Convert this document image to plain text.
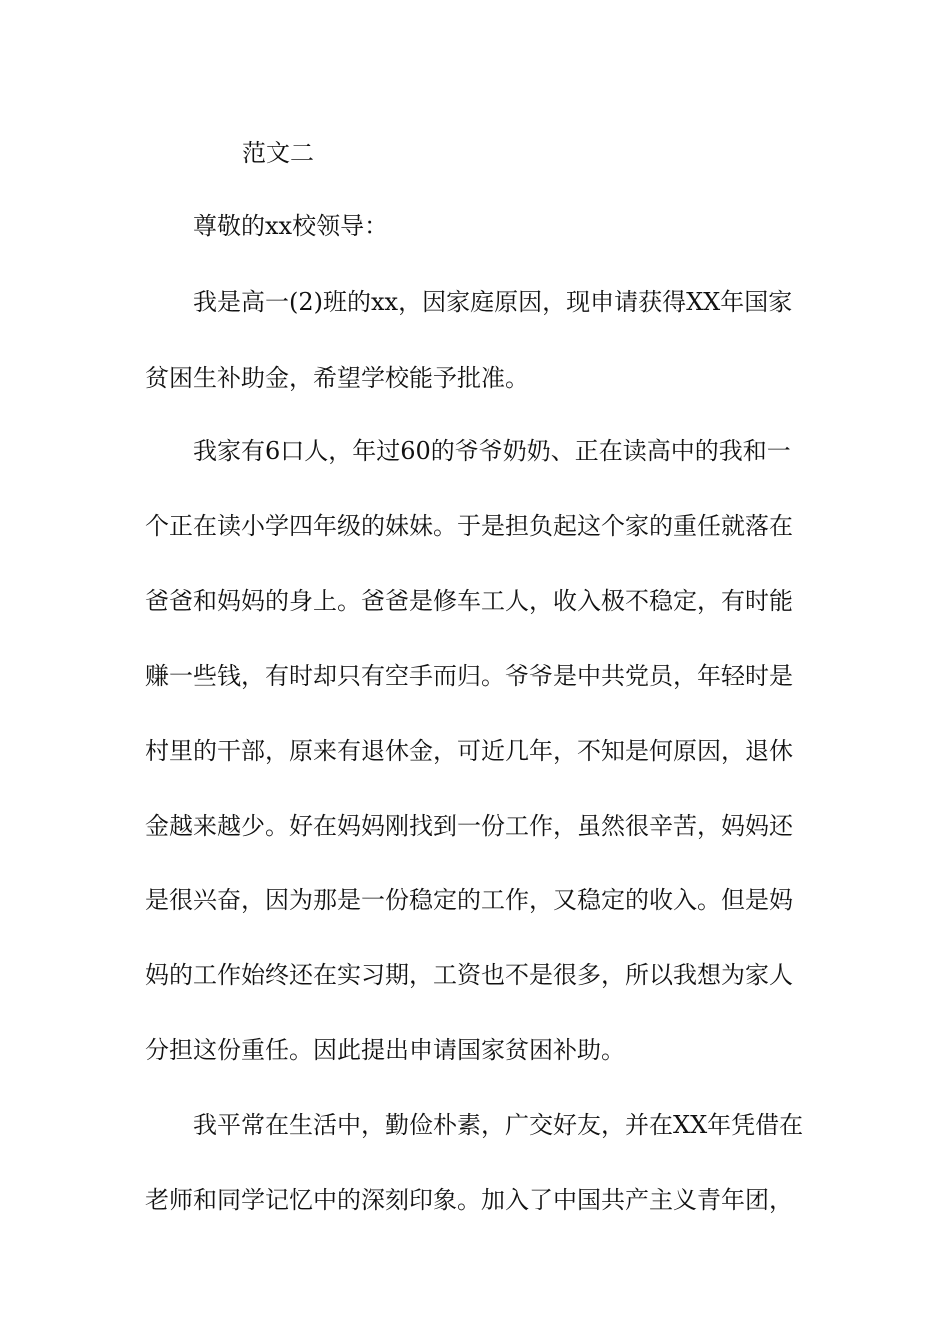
范文二
尊敬的xx校领导：
我是高一(2)班的xx，因家庭原因，现申请获得XX年国家
贫困生补助金，希望学校能予批准。
我家有6口人，年过60的爷爷奶奶、正在读高中的我和一
个正在读小学四年级的妹妹。于是担负起这个家的重任就落在
爸爸和妈妈的身上。爸爸是修车工人，收入极不稳定，有时能
赚一些钱，有时却只有空手而归。爷爷是中共党员，年轻时是
村里的干部，原来有退休金，可近几年，不知是何原因，退休
金越来越少。好在妈妈刚找到一份工作，虽然很辛苦，妈妈还
是很兴奋，因为那是一份稳定的工作，又稳定的收入。但是妈
妈的工作始终还在实习期，工资也不是很多，所以我想为家人
分担这份重任。因此提出申请国家贫困补助。
我平常在生活中，勤俭朴素，广交好友，并在XX年凭借在
老师和同学记忆中的深刻印象。加入了中国共产主义青年团，
